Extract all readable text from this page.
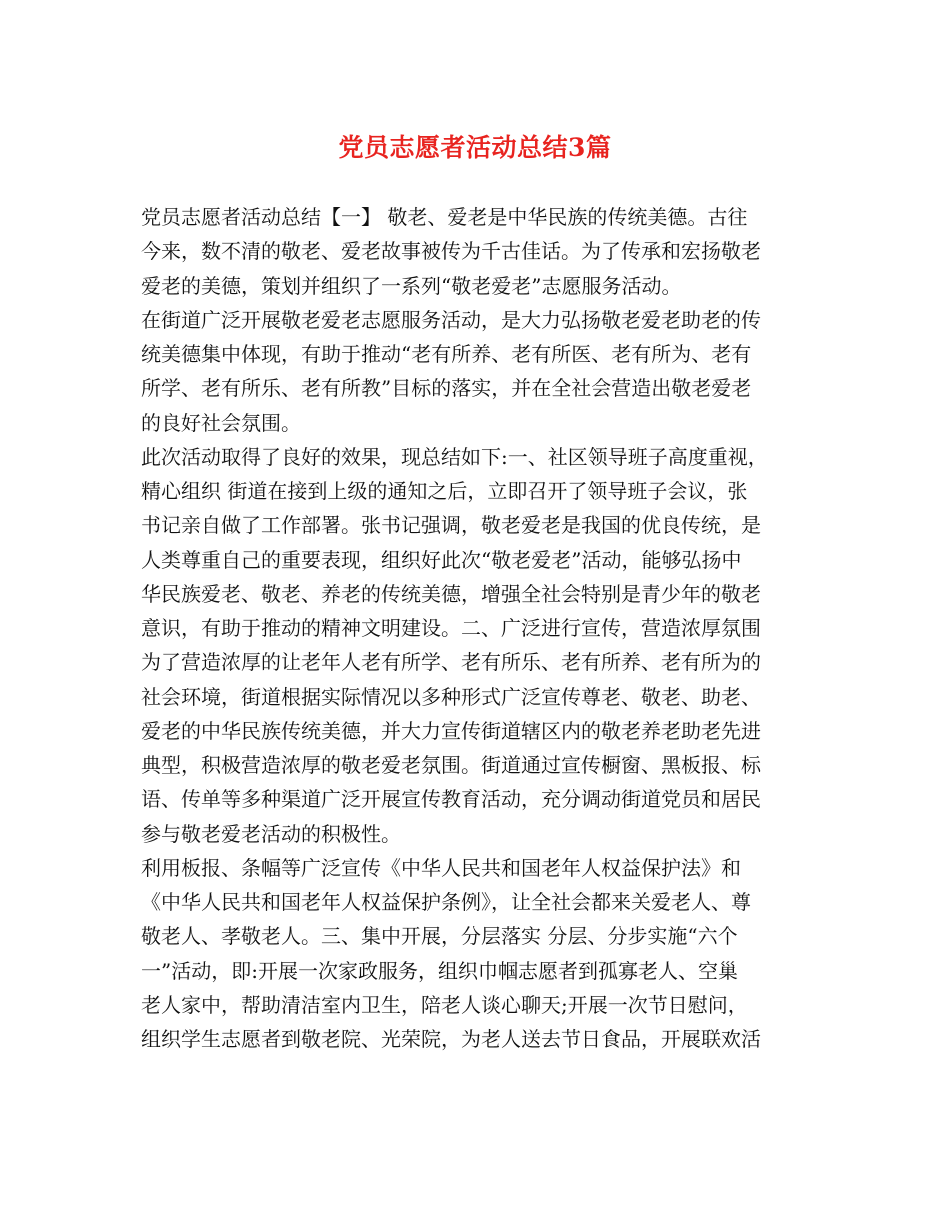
党员志愿者活动总结3篇
党员志愿者活动总结【一】 敬老、爱老是中华民族的传统美德。古往
今来，数不清的敬老、爱老故事被传为千古佳话。为了传承和宏扬敬老
爱老的美德，策划并组织了一系列“敬老爱老”志愿服务活动。
在街道广泛开展敬老爱老志愿服务活动，是大力弘扬敬老爱老助老的传
统美德集中体现，有助于推动“老有所养、老有所医、老有所为、老有
所学、老有所乐、老有所教”目标的落实，并在全社会营造出敬老爱老
的良好社会氛围。
此次活动取得了良好的效果，现总结如下:一、社区领导班子高度重视，
精心组织 街道在接到上级的通知之后，立即召开了领导班子会议，张
书记亲自做了工作部署。张书记强调，敬老爱老是我国的优良传统，是
人类尊重自己的重要表现，组织好此次“敬老爱老”活动，能够弘扬中
华民族爱老、敬老、养老的传统美德，增强全社会特别是青少年的敬老
意识，有助于推动的精神文明建设。二、广泛进行宣传，营造浓厚氛围
为了营造浓厚的让老年人老有所学、老有所乐、老有所养、老有所为的
社会环境，街道根据实际情况以多种形式广泛宣传尊老、敬老、助老、
爱老的中华民族传统美德，并大力宣传街道辖区内的敬老养老助老先进
典型，积极营造浓厚的敬老爱老氛围。街道通过宣传橱窗、黑板报、标
语、传单等多种渠道广泛开展宣传教育活动，充分调动街道党员和居民
参与敬老爱老活动的积极性。
利用板报、条幅等广泛宣传《中华人民共和国老年人权益保护法》和
《中华人民共和国老年人权益保护条例》，让全社会都来关爱老人、尊
敬老人、孝敬老人。三、集中开展，分层落实 分层、分步实施“六个
一”活动，即:开展一次家政服务，组织巾帼志愿者到孤寡老人、空巢
老人家中，帮助清洁室内卫生，陪老人谈心聊天;开展一次节日慰问，
组织学生志愿者到敬老院、光荣院，为老人送去节日食品，开展联欢活
